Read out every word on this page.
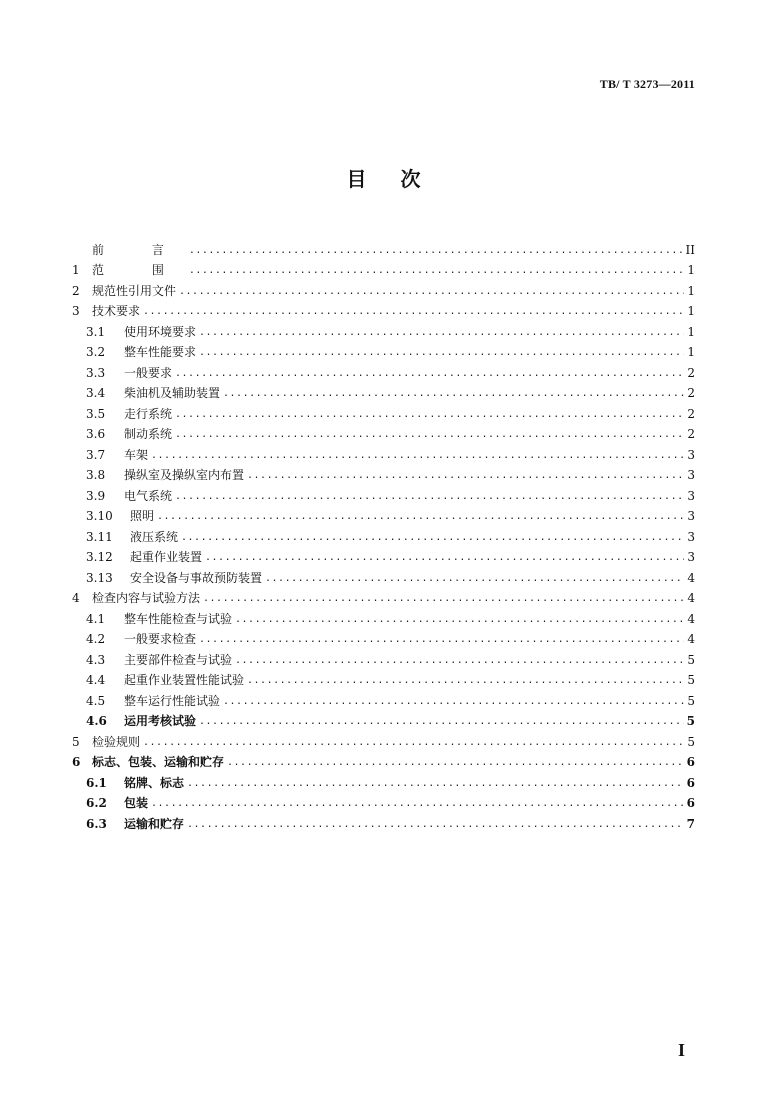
TB/ T 3273—2011
目 次
前 言 .....	II
1	范 围 .....	1
2	规范性引用文件 .....	1
3	技术要求 .....	1
3.1	使用环境要求 .....	1
3.2	整车性能要求 .....	1
3.3	一般要求 .....	2
3.4	柴油机及辅助装置 .....	2
3.5	走行系统 .....	2
3.6	制动系统 .....	2
3.7	车架 .....	3
3.8	操纵室及操纵室内布置 .....	3
3.9	电气系统 .....	3
3.10	照明 .....	3
3.11	液压系统 .....	3
3.12	起重作业装置 .....	3
3.13	安全设备与事故预防装置 .....	4
4	检查内容与试验方法 .....	4
4.1	整车性能检查与试验 .....	4
4.2	一般要求检查 .....	4
4.3	主要部件检查与试验 .....	5
4.4	起重作业装置性能试验 .....	5
4.5	整车运行性能试验 .....	5
4.6	运用考核试验 .....	5
5	检验规则 .....	5
6 标志、包装、运输和贮存 .....	6
6.1	铭牌、标志 .....	6
6.2	包装 .....	6
6.3	运输和贮存 .....	7
I
